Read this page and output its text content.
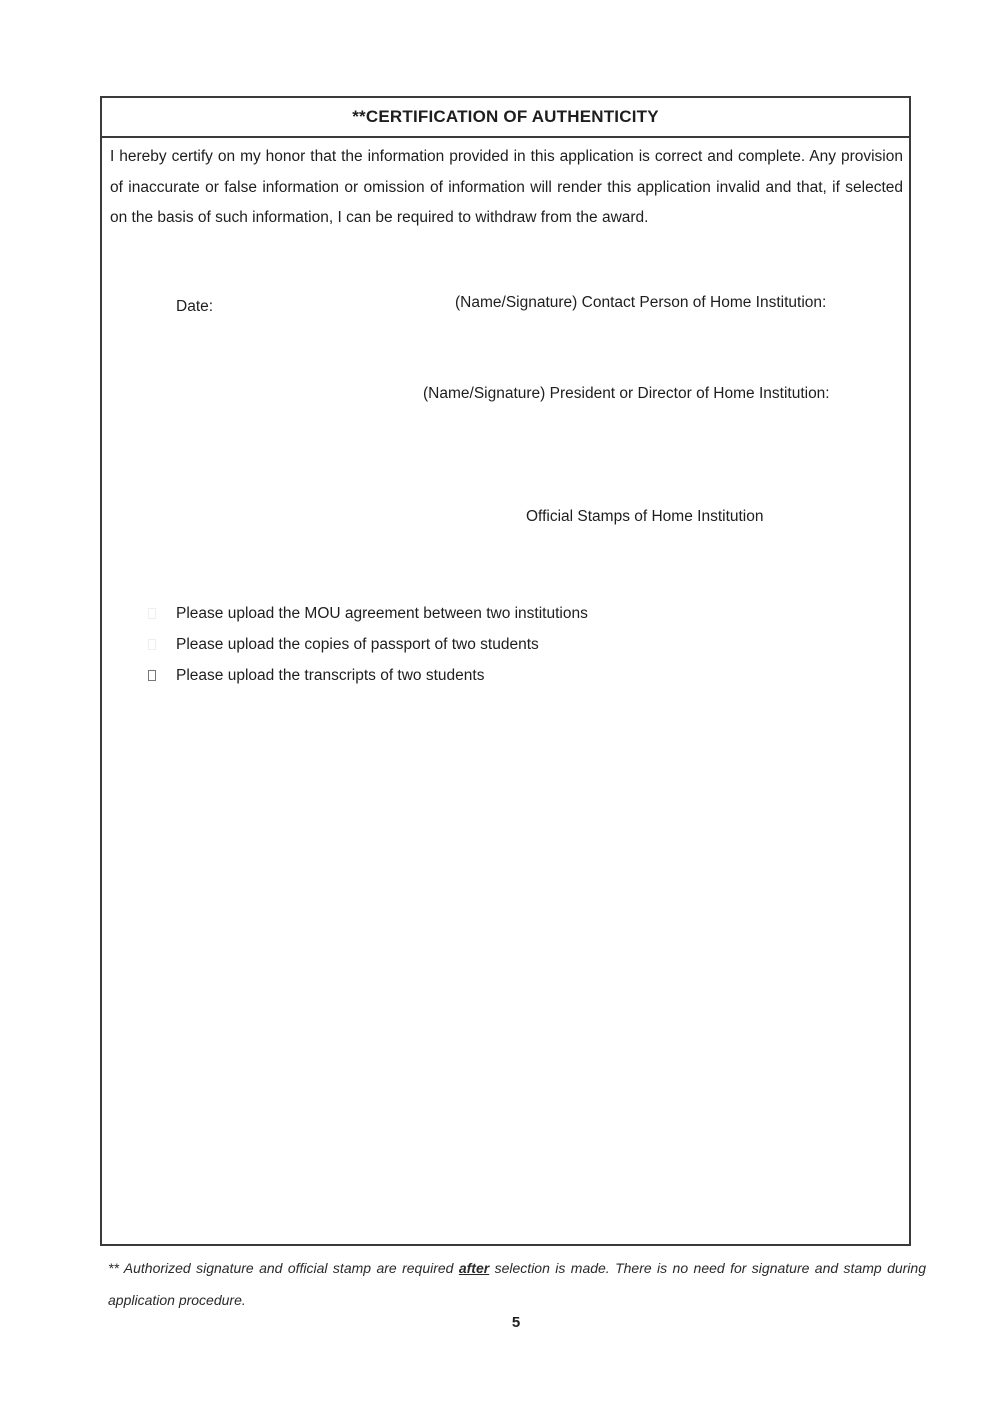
**CERTIFICATION OF AUTHENTICITY
I hereby certify on my honor that the information provided in this application is correct and complete. Any provision of inaccurate or false information or omission of information will render this application invalid and that, if selected on the basis of such information, I can be required to withdraw from the award.
Date:	(Name/Signature) Contact Person of Home Institution:
(Name/Signature) President or Director of Home Institution:
Official Stamps of Home Institution
Please upload the MOU agreement between two institutions
Please upload the copies of passport of two students
Please upload the transcripts of two students
** Authorized signature and official stamp are required after selection is made. There is no need for signature and stamp during application procedure.
5
